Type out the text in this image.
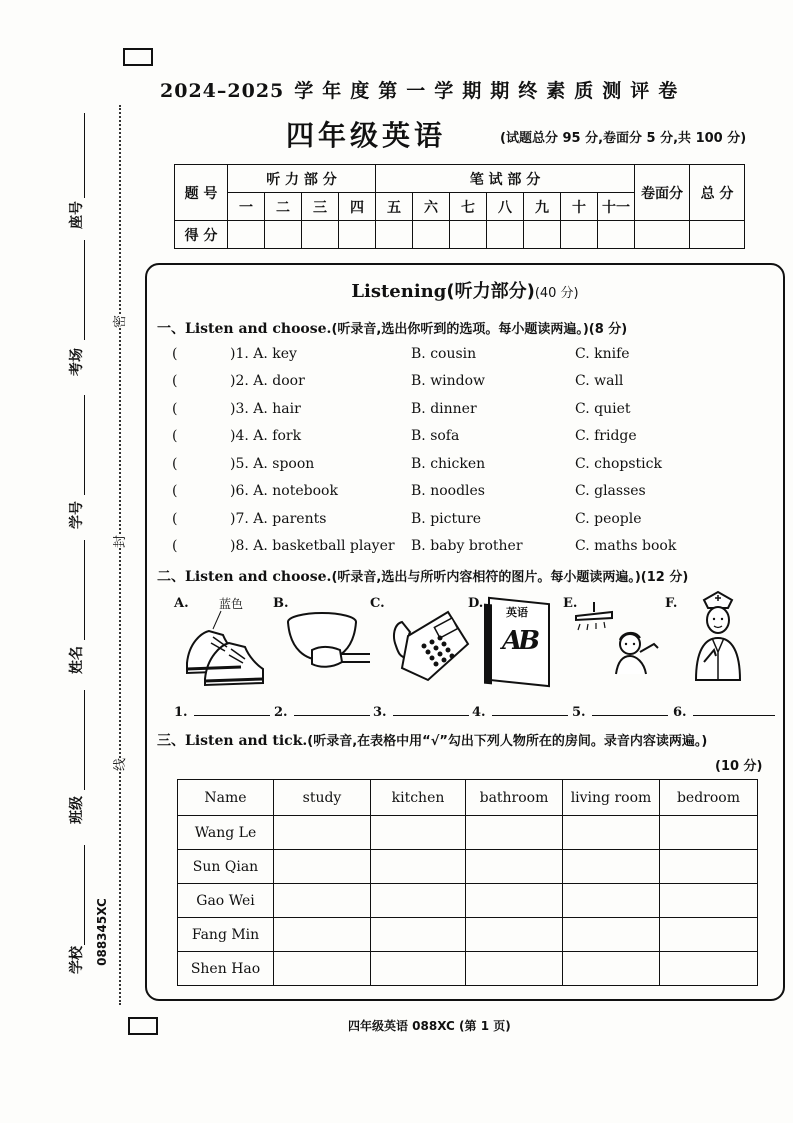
座号
考场
学号
姓名
班级
学校 088345XC
密
封
线
2024–2025 学年度第一学期期终素质测评卷
四年级英语	(试题总分 95 分,卷面分 5 分,共 100 分)
题 号	听 力 部 分				笔 试 部 分							卷面分	总 分
	一	二	三	四	五	六	七	八	九	十	十一		
得 分													
Listening(听力部分)(40 分)
一、Listen and choose.(听录音,选出你听到的选项。每小题读两遍。)(8 分)
(	)1. A. key	B. cousin	C. knife
(	)2. A. door	B. window	C. wall
(	)3. A. hair	B. dinner	C. quiet
(	)4. A. fork	B. sofa	C. fridge
(	)5. A. spoon	B. chicken	C. chopstick
(	)6. A. notebook	B. noodles	C. glasses
(	)7. A. parents	B. picture	C. people
(	)8. A. basketball player B. baby brother	C. maths book
二、Listen and choose.(听录音,选出与所听内容相符的图片。每小题读两遍。)(12 分)
A.	B.	C.	D.	E.	F.
蓝色
英语
AB
1.	2.	3.	4.	5.	6.
三、Listen and tick.(听录音,在表格中用“√”勾出下列人物所在的房间。录音内容读两遍。)
(10 分)
Name	study	kitchen	bathroom	living room	bedroom
Wang Le					
Sun Qian					
Gao Wei					
Fang Min					
Shen Hao					
四年级英语 088XC (第 1 页)
